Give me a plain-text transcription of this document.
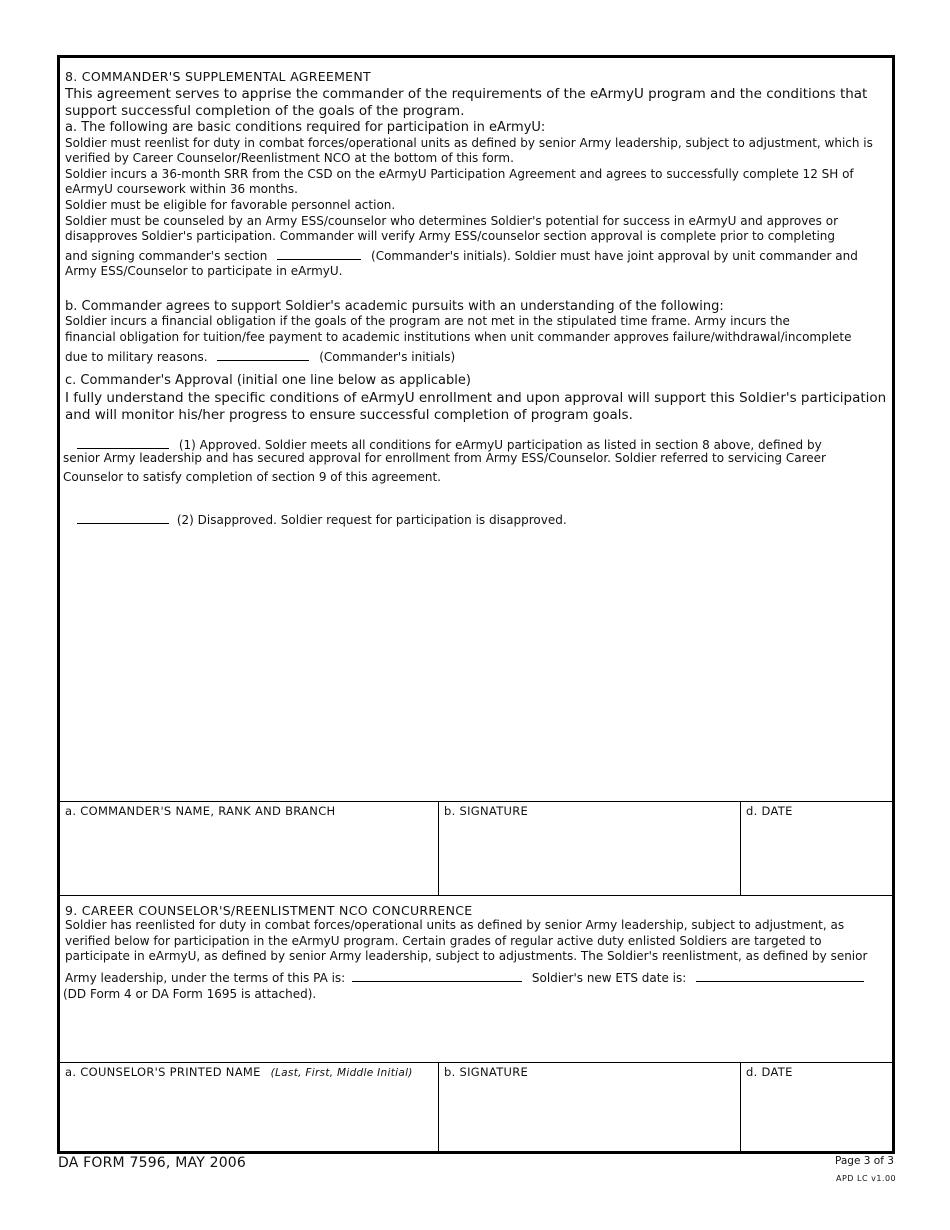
8. COMMANDER'S SUPPLEMENTAL AGREEMENT
This agreement serves to apprise the commander of the requirements of the eArmyU program and the conditions that
support successful completion of the goals of the program.
a. The following are basic conditions required for participation in eArmyU:
Soldier must reenlist for duty in combat forces/operational units as defined by senior Army leadership, subject to adjustment, which is
verified by Career Counselor/Reenlistment NCO at the bottom of this form.
Soldier incurs a 36-month SRR from the CSD on the eArmyU Participation Agreement and agrees to successfully complete 12 SH of
eArmyU coursework within 36 months.
Soldier must be eligible for favorable personnel action.
Soldier must be counseled by an Army ESS/counselor who determines Soldier's potential for success in eArmyU and approves or
disapproves Soldier's participation. Commander will verify Army ESS/counselor section approval is complete prior to completing
and signing commander's section	(Commander's initials). Soldier must have joint approval by unit commander and
Army ESS/Counselor to participate in eArmyU.
b. Commander agrees to support Soldier's academic pursuits with an understanding of the following:
Soldier incurs a financial obligation if the goals of the program are not met in the stipulated time frame. Army incurs the
financial obligation for tuition/fee payment to academic institutions when unit commander approves failure/withdrawal/incomplete
due to military reasons.	(Commander's initials)
c. Commander's Approval (initial one line below as applicable)
I fully understand the specific conditions of eArmyU enrollment and upon approval will support this Soldier's participation
and will monitor his/her progress to ensure successful completion of program goals.
(1) Approved. Soldier meets all conditions for eArmyU participation as listed in section 8 above, defined by
senior Army leadership and has secured approval for enrollment from Army ESS/Counselor. Soldier referred to servicing Career
Counselor to satisfy completion of section 9 of this agreement.
(2) Disapproved. Soldier request for participation is disapproved.
a. COMMANDER'S NAME, RANK AND BRANCH	b. SIGNATURE	d. DATE
9. CAREER COUNSELOR'S/REENLISTMENT NCO CONCURRENCE
Soldier has reenlisted for duty in combat forces/operational units as defined by senior Army leadership, subject to adjustment, as
verified below for participation in the eArmyU program. Certain grades of regular active duty enlisted Soldiers are targeted to
participate in eArmyU, as defined by senior Army leadership, subject to adjustments. The Soldier's reenlistment, as defined by senior
Army leadership, under the terms of this PA is:	Soldier's new ETS date is:
(DD Form 4 or DA Form 1695 is attached).
a. COUNSELOR'S PRINTED NAME (Last, First, Middle Initial)	b. SIGNATURE	d. DATE
DA FORM 7596, MAY 2006	Page 3 of 3
APD LC v1.00
